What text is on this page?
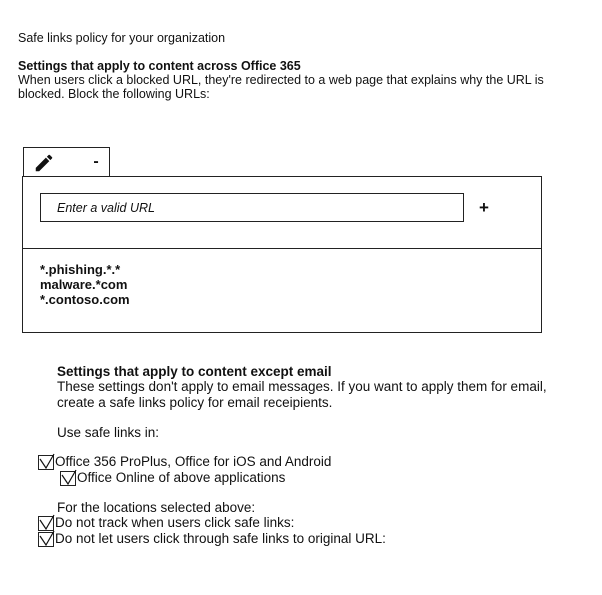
Safe links policy for your organization
Settings that apply to content across Office 365
When users click a blocked URL, they're redirected to a web page that explains why the URL is blocked. Block the following URLs:
-
Enter a valid URL
+
*.phishing.*.*
malware.*com
*.contoso.com
Settings that apply to content except email
These settings don't apply to email messages. If you want to apply them for email, create a safe links policy for email receipients.
Use safe links in:
Office 356 ProPlus, Office for iOS and Android
Office Online of above applications
For the locations selected above:
Do not track when users click safe links:
Do not let users click through safe links to original URL:
